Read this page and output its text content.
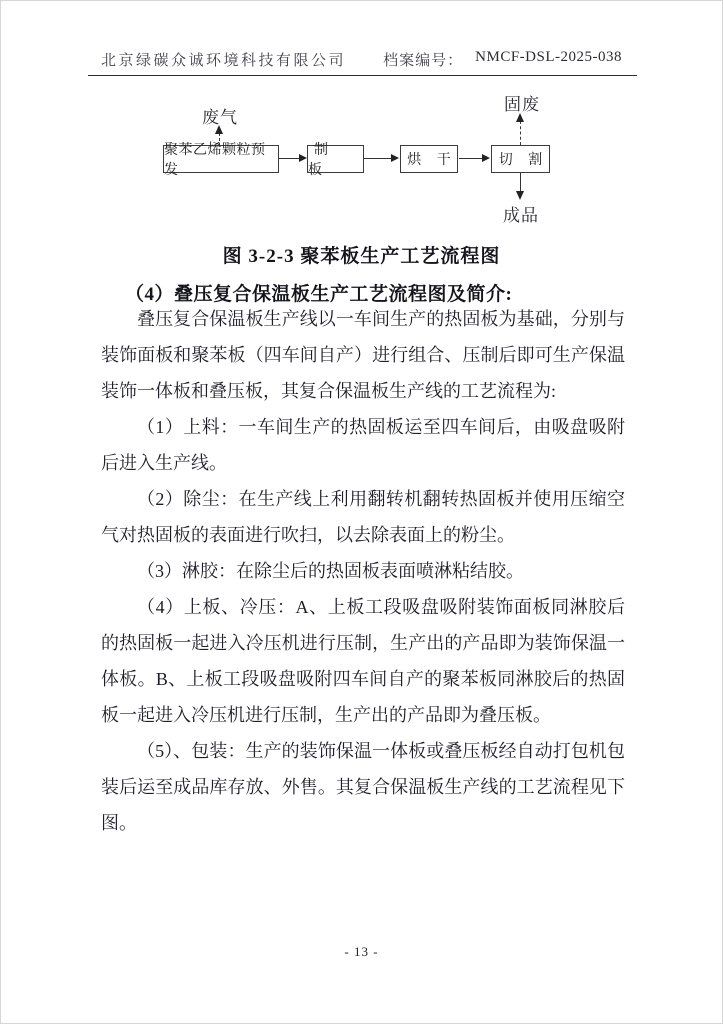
北京绿碳众诚环境科技有限公司 档案编号： NMCF-DSL-2025-038
废气
固废
成品
聚苯乙烯颗粒预发
制 板
烘 干	切 割
图 3-2-3 聚苯板生产工艺流程图
（4）叠压复合保温板生产工艺流程图及简介:

叠压复合保温板生产线以一车间生产的热固板为基础，分别与装饰面板和聚苯板（四车间自产）进行组合、压制后即可生产保温装饰一体板和叠压板，其复合保温板生产线的工艺流程为:

（1）上料：一车间生产的热固板运至四车间后，由吸盘吸附后进入生产线。

（2）除尘：在生产线上利用翻转机翻转热固板并使用压缩空气对热固板的表面进行吹扫，以去除表面上的粉尘。

（3）淋胶：在除尘后的热固板表面喷淋粘结胶。

（4）上板、冷压：A、上板工段吸盘吸附装饰面板同淋胶后的热固板一起进入冷压机进行压制，生产出的产品即为装饰保温一体板。B、上板工段吸盘吸附四车间自产的聚苯板同淋胶后的热固板一起进入冷压机进行压制，生产出的产品即为叠压板。

（5）、包装：生产的装饰保温一体板或叠压板经自动打包机包装后运至成品库存放、外售。其复合保温板生产线的工艺流程见下图。

- 13 -
